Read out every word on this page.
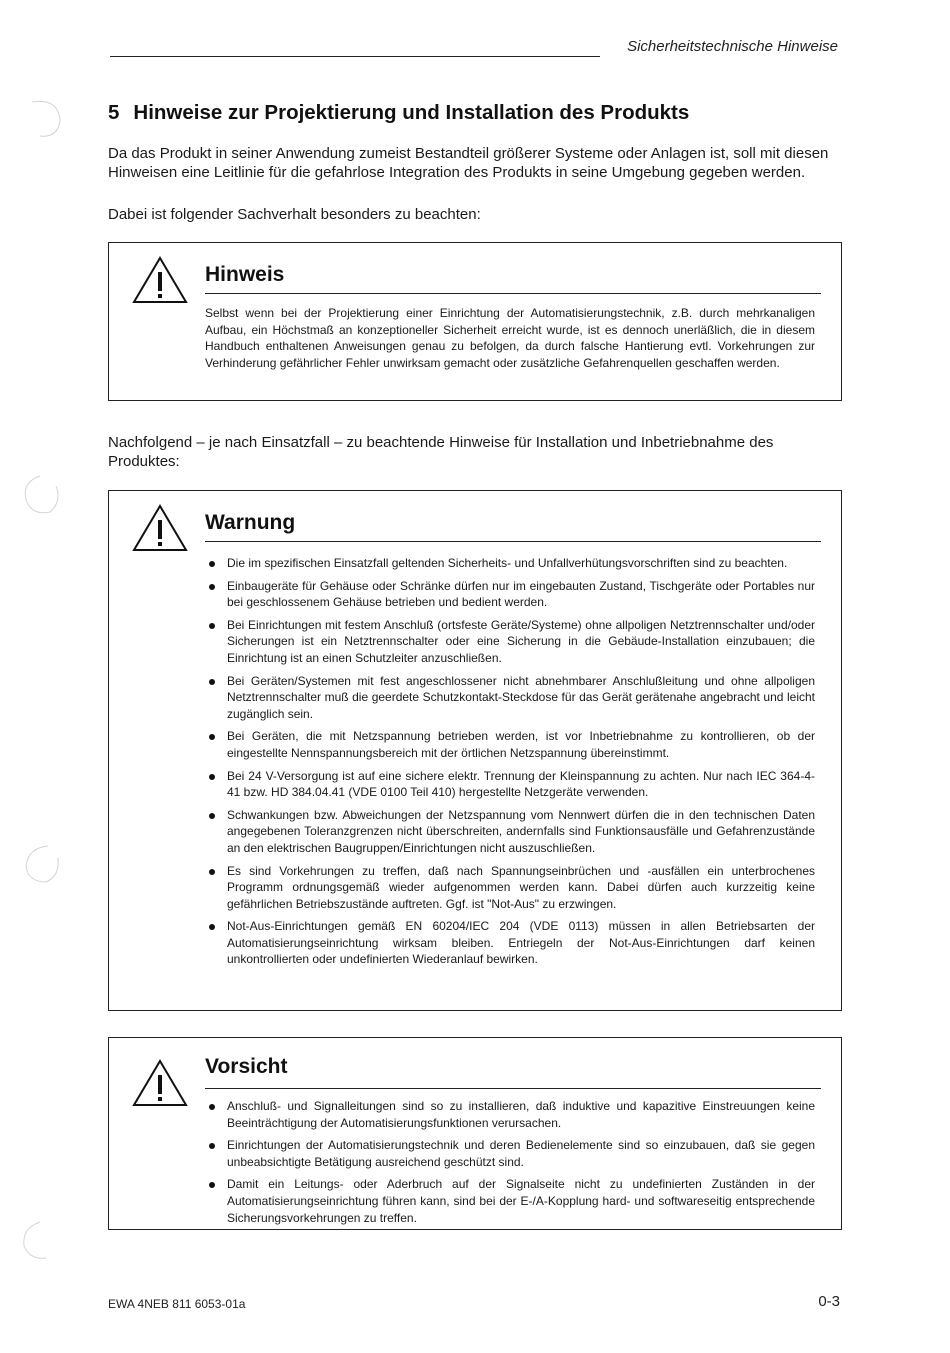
Sicherheitstechnische Hinweise
5 Hinweise zur Projektierung und Installation des Produkts

Da das Produkt in seiner Anwendung zumeist Bestandteil größerer Systeme oder Anlagen ist, soll mit diesen Hinweisen eine Leitlinie für die gefahrlose Integration des Produkts in seine Umgebung gegeben werden.

Dabei ist folgender Sachverhalt besonders zu beachten:

Hinweis

Selbst wenn bei der Projektierung einer Einrichtung der Automatisierungstechnik, z.B. durch mehrkanaligen Aufbau, ein Höchstmaß an konzeptioneller Sicherheit erreicht wurde, ist es dennoch unerläßlich, die in diesem Handbuch enthaltenen Anweisungen genau zu befolgen, da durch falsche Hantierung evtl. Vorkehrungen zur Verhinderung gefährlicher Fehler unwirksam gemacht oder zusätzliche Gefahrenquellen geschaffen werden.

Nachfolgend – je nach Einsatzfall – zu beachtende Hinweise für Installation und Inbetriebnahme des Produktes:

Warnung
Die im spezifischen Einsatzfall geltenden Sicherheits- und Unfallverhütungsvorschriften sind zu beachten.
Einbaugeräte für Gehäuse oder Schränke dürfen nur im eingebauten Zustand, Tischgeräte oder Portables nur bei geschlossenem Gehäuse betrieben und bedient werden.
Bei Einrichtungen mit festem Anschluß (ortsfeste Geräte/Systeme) ohne allpoligen Netztrennschalter und/oder Sicherungen ist ein Netztrennschalter oder eine Sicherung in die Gebäude-Installation einzubauen; die Einrichtung ist an einen Schutzleiter anzuschließen.
Bei Geräten/Systemen mit fest angeschlossener nicht abnehmbarer Anschlußleitung und ohne allpoligen Netztrennschalter muß die geerdete Schutzkontakt-Steckdose für das Gerät gerätenahe angebracht und leicht zugänglich sein.
Bei Geräten, die mit Netzspannung betrieben werden, ist vor Inbetriebnahme zu kontrollieren, ob der eingestellte Nennspannungsbereich mit der örtlichen Netzspannung übereinstimmt.
Bei 24 V-Versorgung ist auf eine sichere elektr. Trennung der Kleinspannung zu achten. Nur nach IEC 364-4-41 bzw. HD 384.04.41 (VDE 0100 Teil 410) hergestellte Netzgeräte verwenden.
Schwankungen bzw. Abweichungen der Netzspannung vom Nennwert dürfen die in den technischen Daten angegebenen Toleranzgrenzen nicht überschreiten, andernfalls sind Funktionsausfälle und Gefahrenzustände an den elektrischen Baugruppen/Einrichtungen nicht auszuschließen.
Es sind Vorkehrungen zu treffen, daß nach Spannungseinbrüchen und -ausfällen ein unterbrochenes Programm ordnungsgemäß wieder aufgenommen werden kann. Dabei dürfen auch kurzzeitig keine gefährlichen Betriebszustände auftreten. Ggf. ist "Not-Aus" zu erzwingen.
Not-Aus-Einrichtungen gemäß EN 60204/IEC 204 (VDE 0113) müssen in allen Betriebsarten der Automatisierungseinrichtung wirksam bleiben. Entriegeln der Not-Aus-Einrichtungen darf keinen unkontrollierten oder undefinierten Wiederanlauf bewirken.
Vorsicht
Anschluß- und Signalleitungen sind so zu installieren, daß induktive und kapazitive Einstreuungen keine Beeinträchtigung der Automatisierungsfunktionen verursachen.
Einrichtungen der Automatisierungstechnik und deren Bedienelemente sind so einzubauen, daß sie gegen unbeabsichtigte Betätigung ausreichend geschützt sind.
Damit ein Leitungs- oder Aderbruch auf der Signalseite nicht zu undefinierten Zuständen in der Automatisierungseinrichtung führen kann, sind bei der E-/A-Kopplung hard- und softwareseitig entsprechende Sicherungsvorkehrungen zu treffen.
EWA 4NEB 811 6053-01a	0-3
